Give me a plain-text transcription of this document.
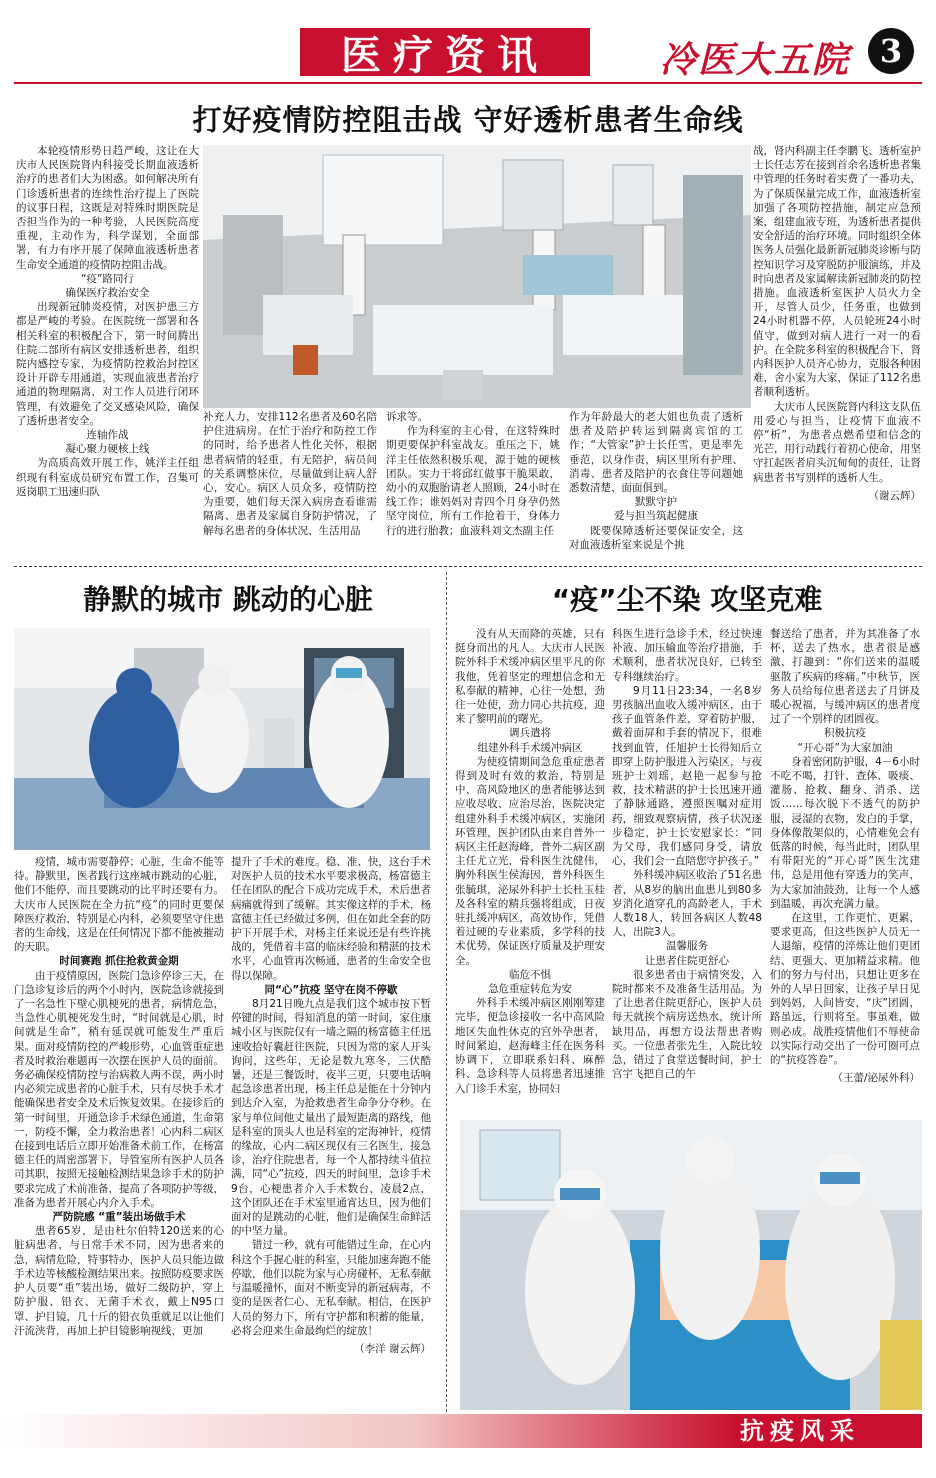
医疗资讯	冷医大五院 3
打好疫情防控阻击战 守好透析患者生命线

本轮疫情形势日趋严峻，这让在大庆市人民医院肾内科接受长期血液透析治疗的患者们大为困惑。如何解决所有门诊透析患者的连续性治疗提上了医院的议事日程，这既是对特殊时期医院是否担当作为的一种考验，人民医院高度重视，主动作为，科学谋划，全面部署，有力有序开展了保障血液透析患者生命安全通道的疫情防控阻击战。

“疫”路同行

确保医疗救治安全

出现新冠肺炎疫情，对医护患三方都是严峻的考验。在医院统一部署和各相关科室的积极配合下，第一时间腾出住院二部所有病区安排透析患者，组织院内感控专家，为疫情防控救治封控区设计开辟专用通道，实现血液患者治疗通道的物理隔离，对工作人员进行闭环管理，有效避免了交叉感染风险，确保了透析患者安全。

连轴作战

凝心聚力硬核上线

为高质高效开展工作，姚洋主任组织现有科室成员研究布置工作，召集可返岗职工迅速归队

补充人力，安排112名患者及60名陪护住进病房。在忙于治疗和防控工作的同时，给予患者人性化关怀，根据患者病情的轻重，有无陪护，病员间的关系调整床位，尽量做到让病人舒心，安心。病区人员众多，疫情防控为重要，她们每天深入病房查看谁需隔离、患者及家属自身防护情况，了解每名患者的身体状况、生活用品

诉求等。

作为科室的主心骨，在这特殊时期更要保护科室战友。重压之下，姚洋主任依然积极乐观，源于她的硬核团队。实力干将邱红做事干脆果敢，幼小的双胞胎请老人照顾，24小时在线工作；谁妈妈对青四个月身孕仍然坚守岗位，所有工作抢着干，身体力行的进行胎教；血液科刘文杰副主任

作为年龄最大的老大姐也负责了透析患者及陪护转运到隔离宾馆的工作；“大管家”护士长任雪，更是率先垂范，以身作责，病区里所有护理、消毒、患者及陪护的衣食住等问题她悉数清楚、面面俱到。

默默守护

爱与担当筑起健康

既要保障透析还要保证安全，这对血液透析室来说是个挑

战，肾内科副主任李鹏飞、透析室护士长任志芳在接到首余名透析患者集中管理的任务时着实费了一番功夫，为了保质保量完成工作，血液透析室加强了各项防控措施，制定应急预案，组建血液专班，为透析患者提供安全舒适的治疗环境。同时组织全体医务人员强化最新新冠肺炎诊断与防控知识学习及穿脱防护服演练，并及时向患者及家属解读新冠肺炎的防控措施。血液透析室医护人员火力全开，尽管人员少，任务重，也做到24小时机器不停，人员轮班24小时值守，做到对病人进行一对一的看护。在全院多科室的积极配合下，肾内科医护人员齐心协力，克服各种困难，舍小家为大家，保证了112名患者顺利透析。

大庆市人民医院肾内科这支队伍用爱心与担当，让疫情下血液不停“析”，为患者点燃希望和信念的光芒，用行动践行着初心使命，用坚守扛起医者肩头沉甸甸的责任，让肾病患者书写别样的透析人生。

（谢云辉）

静默的城市 跳动的心脏	“疫”尘不染 攻坚克难

疫情，城市需要静停；心脏，生命不能等待。静默里，医者践行这座城市跳动的心脏，他们不能停，而且要跳动的比平时还要有力。大庆市人民医院在全力抗“疫”的同时更要保障医疗救治，特别是心内科，必须要坚守住患者的生命线，这是在任何情况下都不能被摧动的天职。

时间赛跑 抓住抢救黄金期

由于疫情原因，医院门急诊停诊三天，在门急诊复诊后的两个小时内，医院急诊就接到了一名急性下壁心肌梗死的患者，病情危急，当急性心肌梗死发生时，“时间就是心肌，时间就是生命”，稍有延误就可能发生严重后果。面对疫情防控的严峻形势，心血管重症患者及时救治难题再一次摆在医护人员的面前。务必确保疫情防控与治病救人两不误，两小时内必须完成患者的心脏手术，只有尽快手术才能确保患者安全及术后恢复效果。在接诊后的第一时间里，开通急诊手术绿色通道，生命第一，防疫不懈，全力救治患者！心内科二病区在接到电话后立即开始准备术前工作，在杨富德主任的周密部署下，导管室所有医护人员各司其职，按照无接触检测结果急诊手术的防护要求完成了术前准备，提高了各项防护等级，准备为患者开展心内介入手术。

严防院感 “重”装出场做手术

患者65岁，是由杜尔伯特120送来的心脏病患者，与日常手术不同，因为患者来的急，病情危险，特事特办，医护人员只能边做手术边等核酸检测结果出来。按照防疫要求医护人员要“重”装出场，做好二级防护，穿上防护服、铅衣、无菌手术衣，戴上N95口罩、护目镜，几十斤的铅衣负重就足以让他们汗流浃背，再加上护目镜影响视线，更加

提升了手术的难度。稳、准、快，这台手术对医护人员的技术水平要求极高，杨富德主任在团队的配合下成功完成手术，术后患者病痛就得到了缓解。其实像这样的手术，杨富德主任已经做过多例，但在如此全套的防护下开展手术，对杨主任来说还是有些许挑战的，凭借着丰富的临床经验和精湛的技术水平，心血管再次畅通，患者的生命安全也得以保障。

同“心”抗疫 坚守在岗不停歇

8月21日晚九点是我们这个城市按下暂停键的时间，得知消息的第一时间，家住康城小区与医院仅有一墙之隔的杨富德主任迅速收拾好囊赶往医院，只因为常的家人开头询问，这些年，无论是数九寒冬，三伏酷暑，还是三餐饭时，夜半三更，只要电话响起急诊患者出现，杨主任总是能在十分钟内到达介入室，为抢救患者生命争分夺秒。在家与单位间他丈量出了最短距离的路线，他是科室的顶头人也是科室的定海神针，疫情的缘故，心内二病区现仅有三名医生，接急诊，治疗住院患者，每一个人都持续斗值拉满，同“心”抗疫，四天的时间里，急诊手术9台，心梗患者介入手术数台，凌晨2点，这个团队还在手术室里通宵达旦，因为他们面对的是跳动的心脏，他们是确保生命鲜活的中坚力量。

错过一秒，就有可能错过生命，在心内科这个手握心脏的科室，只能加速奔跑不能停歇，他们以院为家与心房碰杯，无私奉献与温暖撞怀，面对不断变异的新冠病毒，不变的是医者仁心、无私奉献。相信，在医护人员的努力下，所有守护都和积蓄的能量，必将会迎来生命最绚烂的绽放！

（李洋 谢云辉）

没有从天而降的英雄，只有挺身而出的凡人。大庆市人民医院外科手术缓冲病区里平凡的你我他，凭着坚定的理想信念和无私奉献的精神，心往一处想，劲往一处使，劲力同心共抗疫，迎来了黎明前的曙光。

调兵遣将

组建外科手术缓冲病区

为使疫情期间急危重症患者得到及时有效的救治，特别是中、高风险地区的患者能够达到应收尽收、应治尽治，医院决定组建外科手术缓冲病区，实施闭环管理，医护团队由来自普外一病区主任赵海峰，普外二病区副主任尤立光，骨科医生沈健伟，胸外科医生侯海因，普外科医生张毓琪，泌尿外科护士长杜玉桂及各科室的精兵强将组成，日夜驻扎缓冲病区，高效协作，凭借着过硬的专业素质，多学科的技术优势，保证医疗质量及护理安全。

临危不惧

急危重症转危为安

外科手术缓冲病区刚刚筹建完毕，便急诊接收一名中高风险地区失血性休克的宫外孕患者，时间紧迫，赵海峰主任在医务科协调下，立即联系妇科、麻醉科、急诊科等人员将患者迅速推入门诊手术室，协同妇

科医生进行急诊手术，经过快速补液、加压输血等治疗措施，手术顺利，患者状况良好，已转至专科继续治疗。

9月11日23:34，一名8岁男孩脑出血收入缓冲病区，由于孩子血管条件差，穿着防护服，戴着面屏和手套的情况下，很难找到血管，任旭护士长得知后立即穿上防护服进入污染区，与夜班护士刘瑶，赵艳一起参与抢救，技术精湛的护士长迅速开通了静脉通路，遵照医嘱对症用药，细致观察病情，孩子状况逐步稳定，护士长安慰家长：“同为父母，我们感同身受，请放心，我们会一直陪您守护孩子。”

外科缓冲病区收治了51名患者，从8岁的脑出血患儿到80多岁消化道穿孔的高龄老人，手术人数18人，转回各病区人数48人，出院3人。

温馨服务

让患者住院更舒心

很多患者由于病情突发，入院时都来不及准备生活用品。为了让患者住院更舒心，医护人员每天就挨个病房送热水，统计所缺用品，再想方设法帮患者购买。一位患者张先生，入院比较急，错过了食堂送餐时间，护士宫宇飞把自己的午

餐送给了患者，并为其准备了水杯，送去了热水，患者很是感激，打趣到：“你们送来的温暖驱散了疾病的疼痛。”中秋节，医务人员给每位患者送去了月饼及暖心祝福，与缓冲病区的患者度过了一个别样的团圆夜。

积极抗疫

“开心哥”为大家加油

身着密闭防护服，4－6小时不吃不喝，打针、查体、吸痰、灌肠、抢救、翻身、消杀、送饭……每次脱下不透气的防护服，浸湿的衣物，发白的手掌，身体像散架似的，心情难免会有低落的时候，每当此时，团队里有带阳光的“开心哥”医生沈建伟，总是用他有穿透力的笑声，为大家加油鼓劲，让每一个人感到温暖，再次充满力量。

在这里，工作更忙、更累，要求更高，但这些医护人员无一人退缩，疫情的淬炼让他们更团结、更强大、更加精益求精。他们的努力与付出，只想让更多在外的人早日回家，让孩子早日见到妈妈，人间皆安，“庆”团圆，路虽远，行则将至。事虽难，做则必成。战胜疫情他们不辱使命以实际行动交出了一份可圈可点的“抗疫答卷”。

（王蕾/泌尿外科）

抗疫风采
